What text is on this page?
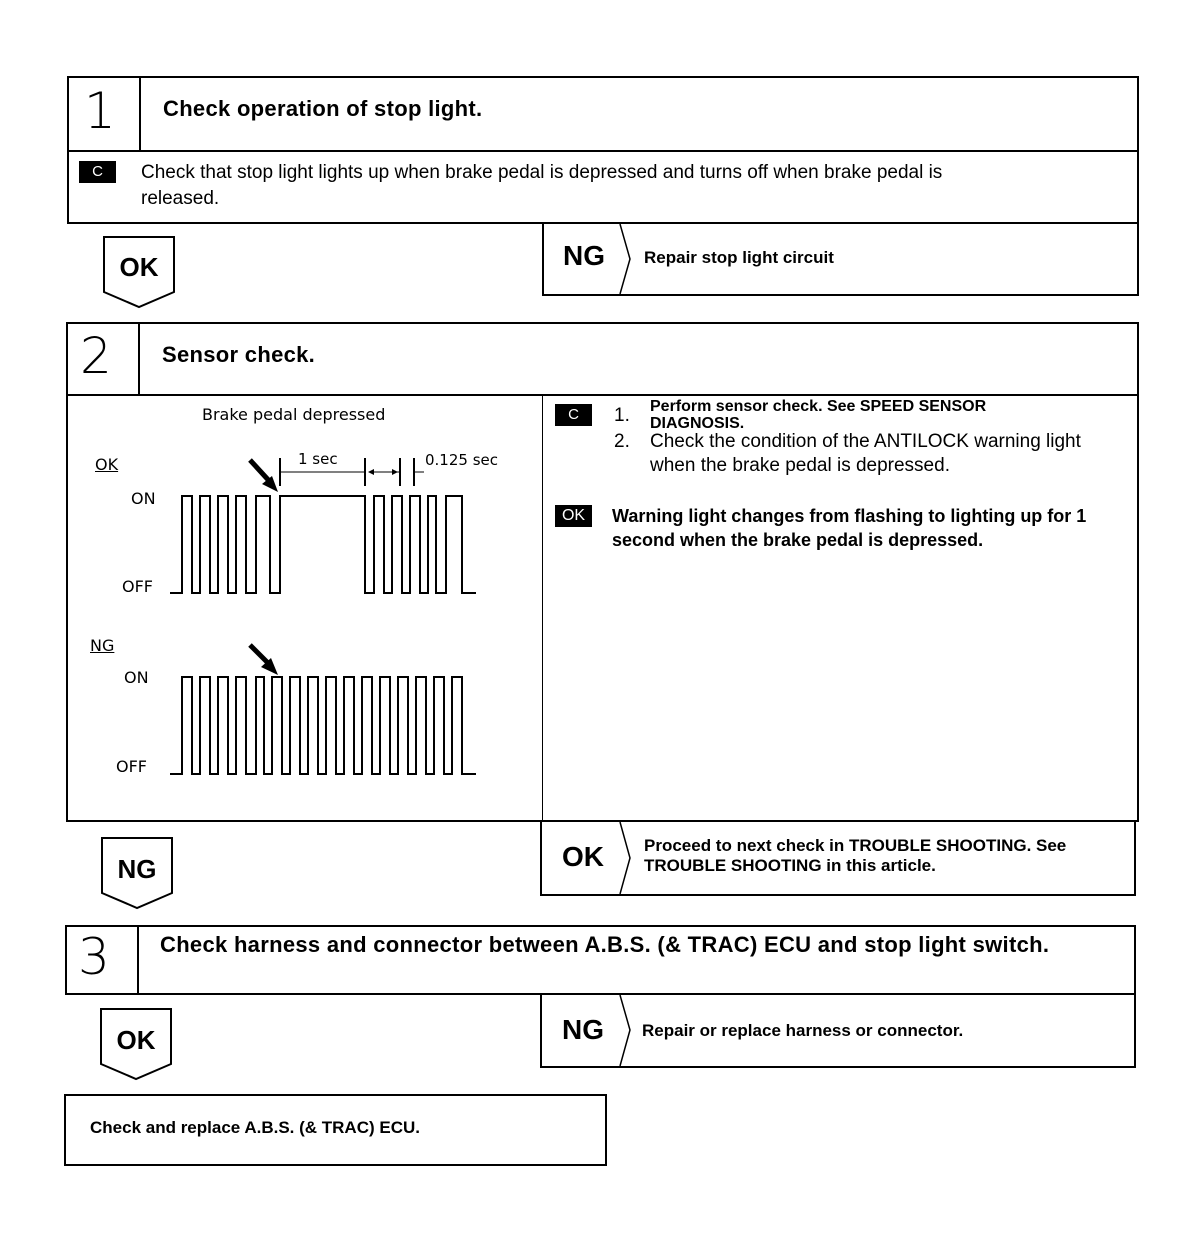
1 Check operation of stop light.
C	Check that stop light lights up when brake pedal is depressed and turns off when brake pedal is released.
OK	NG Repair stop light circuit
2 Sensor check.
Brake pedal depressed
OK
ON
OFF
NG
ON
OFF
1 sec	0.125 sec
C	1. Perform sensor check. See SPEED SENSOR DIAGNOSIS.
2. Check the condition of the ANTILOCK warning light when the brake pedal is depressed.
OK	Warning light changes from flashing to lighting up for 1 second when the brake pedal is depressed.
NG	OK Proceed to next check in TROUBLE SHOOTING. See TROUBLE SHOOTING in this article.
3 Check harness and connector between A.B.S. (& TRAC) ECU and stop light switch.
OK	NG Repair or replace harness or connector.
Check and replace A.B.S. (& TRAC) ECU.
